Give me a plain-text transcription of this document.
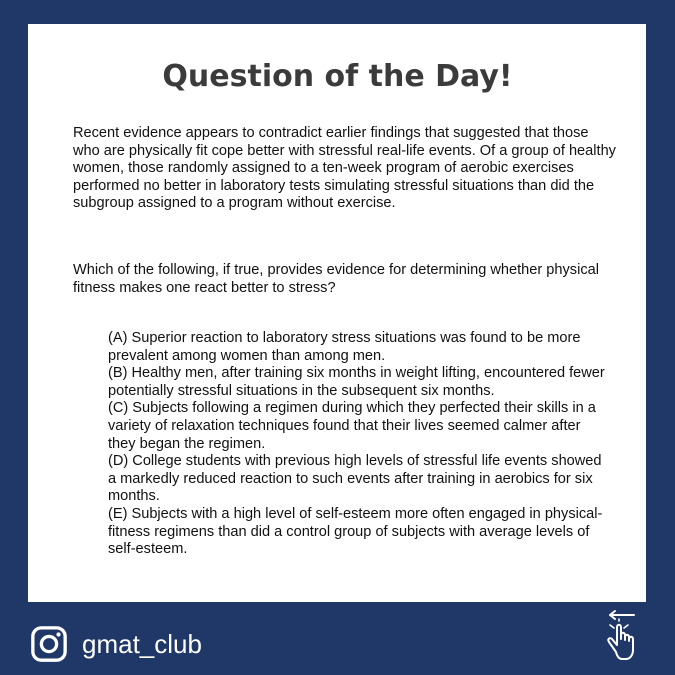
Question of the Day!

Recent evidence appears to contradict earlier findings that suggested that those who are physically fit cope better with stressful real-life events. Of a group of healthy women, those randomly assigned to a ten-week program of aerobic exercises performed no better in laboratory tests simulating stressful situations than did the subgroup assigned to a program without exercise.

Which of the following, if true, provides evidence for determining whether physical fitness makes one react better to stress?

(A) Superior reaction to laboratory stress situations was found to be more prevalent among women than among men.
(B) Healthy men, after training six months in weight lifting, encountered fewer potentially stressful situations in the subsequent six months.
(C) Subjects following a regimen during which they perfected their skills in a variety of relaxation techniques found that their lives seemed calmer after they began the regimen.
(D) College students with previous high levels of stressful life events showed a markedly reduced reaction to such events after training in aerobics for six months.
(E) Subjects with a high level of self-esteem more often engaged in physical-fitness regimens than did a control group of subjects with average levels of self-esteem.
gmat_club
